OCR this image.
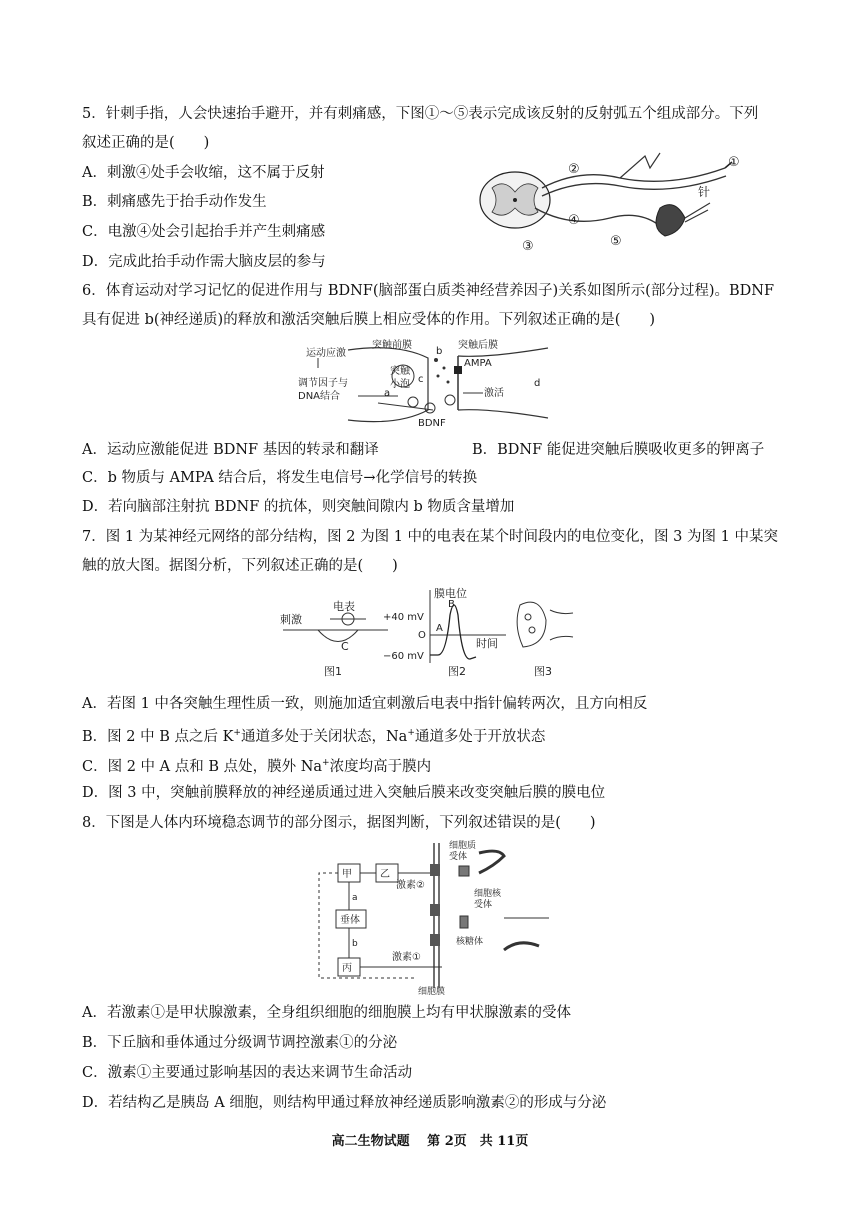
5．针刺手指，人会快速抬手避开，并有刺痛感，下图①～⑤表示完成该反射的反射弧五个组成部分。下列
叙述正确的是(　　)
A．刺激④处手会收缩，这不属于反射
B．刺痛感先于抬手动作发生
C．电激④处会引起抬手并产生刺痛感
D．完成此抬手动作需大脑皮层的参与
②	①
针
④
③	⑤
6．体育运动对学习记忆的促进作用与 BDNF(脑部蛋白质类神经营养因子)关系如图所示(部分过程)。BDNF
具有促进 b(神经递质)的释放和激活突触后膜上相应受体的作用。下列叙述正确的是(　　)
运动应激
突触前膜	突触后膜
AMPA
突触
小泡
调节因子与
DNA结合	激活
BDNF
a
b
c	d
A．运动应激能促进 BDNF 基因的转录和翻译	B．BDNF 能促进突触后膜吸收更多的钾离子
C．b 物质与 AMPA 结合后，将发生电信号→化学信号的转换
D．若向脑部注射抗 BDNF 的抗体，则突触间隙内 b 物质含量增加
7．图 1 为某神经元网络的部分结构，图 2 为图 1 中的电表在某个时间段内的电位变化，图 3 为图 1 中某突
触的放大图。据图分析，下列叙述正确的是(　　)
刺激
电表
C
图1
膜电位
+40 mV
O
−60 mV
时间
A
B
图2	图3
A．若图 1 中各突触生理性质一致，则施加适宜刺激后电表中指针偏转两次，且方向相反
B．图 2 中 B 点之后 K+通道多处于关闭状态，Na+通道多处于开放状态
C．图 2 中 A 点和 B 点处，膜外 Na+浓度均高于膜内
D．图 3 中，突触前膜释放的神经递质通过进入突触后膜来改变突触后膜的膜电位
8．下图是人体内环境稳态调节的部分图示，据图判断，下列叙述错误的是(　　)
甲	乙
激素②
a
垂体
b
丙
激素①
细胞质
受体
细胞核
受体
核糖体
细胞膜
A．若激素①是甲状腺激素，全身组织细胞的细胞膜上均有甲状腺激素的受体
B．下丘脑和垂体通过分级调节调控激素①的分泌
C．激素①主要通过影响基因的表达来调节生命活动
D．若结构乙是胰岛 A 细胞，则结构甲通过释放神经递质影响激素②的形成与分泌
高二生物试题　 第 2页　共 11页
